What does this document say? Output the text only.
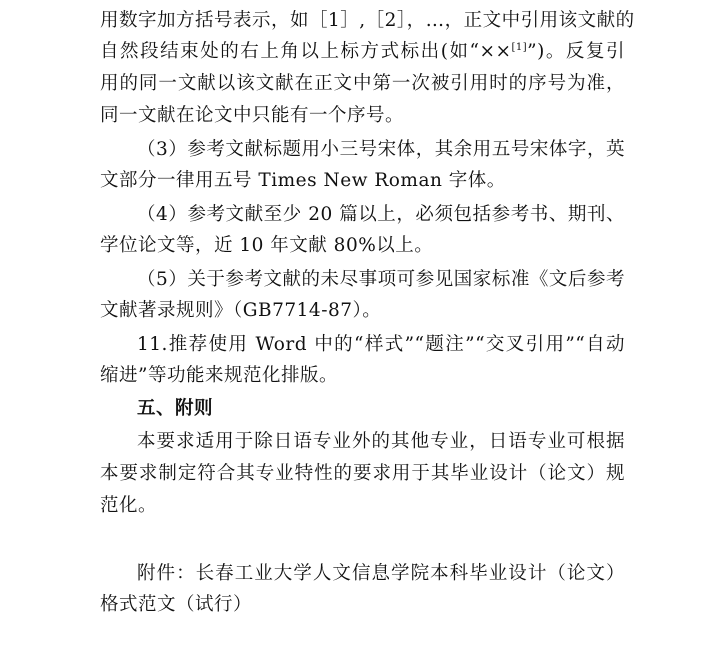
用数字加方括号表示，如［1］,［2］，…，正文中引用该文献的
自然段结束处的右上角以上标方式标出(如“××[1]”)。反复引
用的同一文献以该文献在正文中第一次被引用时的序号为准，
同一文献在论文中只能有一个序号。
（3）参考文献标题用小三号宋体，其余用五号宋体字，英
文部分一律用五号 Times New Roman 字体。
（4）参考文献至少 20 篇以上，必须包括参考书、期刊、
学位论文等，近 10 年文献 80%以上。
（5）关于参考文献的未尽事项可参见国家标准《文后参考
文献著录规则》（GB7714-87）。
11.推荐使用 Word 中的“样式”“题注”“交叉引用”“自动
缩进”等功能来规范化排版。
五、附则
本要求适用于除日语专业外的其他专业，日语专业可根据
本要求制定符合其专业特性的要求用于其毕业设计（论文）规
范化。
附件：长春工业大学人文信息学院本科毕业设计（论文）
格式范文（试行）
